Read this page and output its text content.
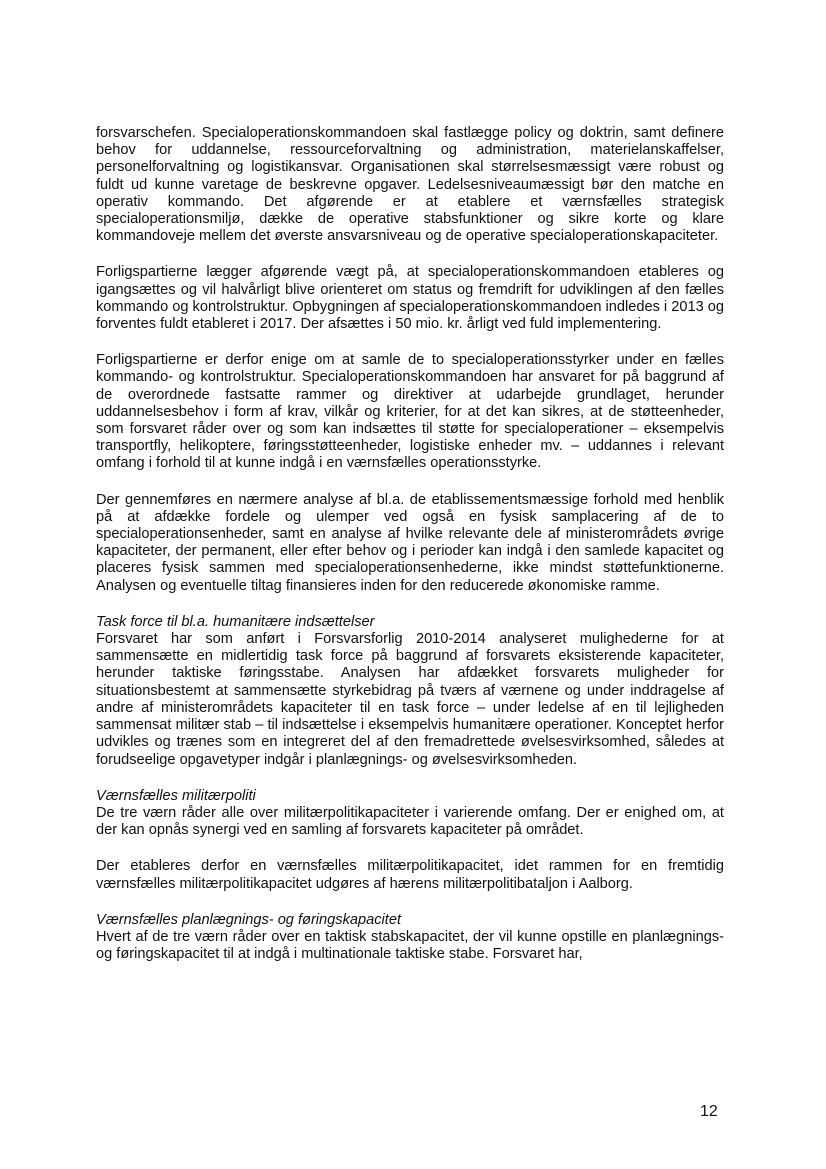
forsvarschefen. Specialoperationskommandoen skal fastlægge policy og doktrin, samt definere behov for uddannelse, ressourceforvaltning og administration, materielanskaffelser, personelforvaltning og logistikansvar. Organisationen skal størrelsesmæssigt være robust og fuldt ud kunne varetage de beskrevne opgaver. Ledelsesniveaumæssigt bør den matche en operativ kommando. Det afgørende er at etablere et værnsfælles strategisk specialoperationsmiljø, dække de operative stabsfunktioner og sikre korte og klare kommandoveje mellem det øverste ansvarsniveau og de operative specialoperationskapaciteter.

Forligspartierne lægger afgørende vægt på, at specialoperationskommandoen etableres og igangsættes og vil halvårligt blive orienteret om status og fremdrift for udviklingen af den fælles kommando og kontrolstruktur. Opbygningen af specialoperationskommandoen indledes i 2013 og forventes fuldt etableret i 2017. Der afsættes i 50 mio. kr. årligt ved fuld implementering.

Forligspartierne er derfor enige om at samle de to specialoperationsstyrker under en fælles kommando- og kontrolstruktur. Specialoperationskommandoen har ansvaret for på baggrund af de overordnede fastsatte rammer og direktiver at udarbejde grundlaget, herunder uddannelsesbehov i form af krav, vilkår og kriterier, for at det kan sikres, at de støtteenheder, som forsvaret råder over og som kan indsættes til støtte for specialoperationer – eksempelvis transportfly, helikoptere, føringsstøtteenheder, logistiske enheder mv. – uddannes i relevant omfang i forhold til at kunne indgå i en værnsfælles operationsstyrke.

Der gennemføres en nærmere analyse af bl.a. de etablissementsmæssige forhold med henblik på at afdække fordele og ulemper ved også en fysisk samplacering af de to specialoperationsenheder, samt en analyse af hvilke relevante dele af ministerområdets øvrige kapaciteter, der permanent, eller efter behov og i perioder kan indgå i den samlede kapacitet og placeres fysisk sammen med specialoperationsenhederne, ikke mindst støttefunktionerne. Analysen og eventuelle tiltag finansieres inden for den reducerede økonomiske ramme.

Task force til bl.a. humanitære indsættelser

Forsvaret har som anført i Forsvarsforlig 2010-2014 analyseret mulighederne for at sammensætte en midlertidig task force på baggrund af forsvarets eksisterende kapaciteter, herunder taktiske føringsstabe. Analysen har afdækket forsvarets muligheder for situationsbestemt at sammensætte styrkebidrag på tværs af værnene og under inddragelse af andre af ministerområdets kapaciteter til en task force – under ledelse af en til lejligheden sammensat militær stab – til indsættelse i eksempelvis humanitære operationer. Konceptet herfor udvikles og trænes som en integreret del af den fremadrettede øvelsesvirksomhed, således at forudseelige opgavetyper indgår i planlægnings- og øvelsesvirksomheden.

Værnsfælles militærpoliti

De tre værn råder alle over militærpolitikapaciteter i varierende omfang. Der er enighed om, at der kan opnås synergi ved en samling af forsvarets kapaciteter på området.

Der etableres derfor en værnsfælles militærpolitikapacitet, idet rammen for en fremtidig værnsfælles militærpolitikapacitet udgøres af hærens militærpolitibataljon i Aalborg.

Værnsfælles planlægnings- og føringskapacitet

Hvert af de tre værn råder over en taktisk stabskapacitet, der vil kunne opstille en planlægnings- og føringskapacitet til at indgå i multinationale taktiske stabe. Forsvaret har,

12
